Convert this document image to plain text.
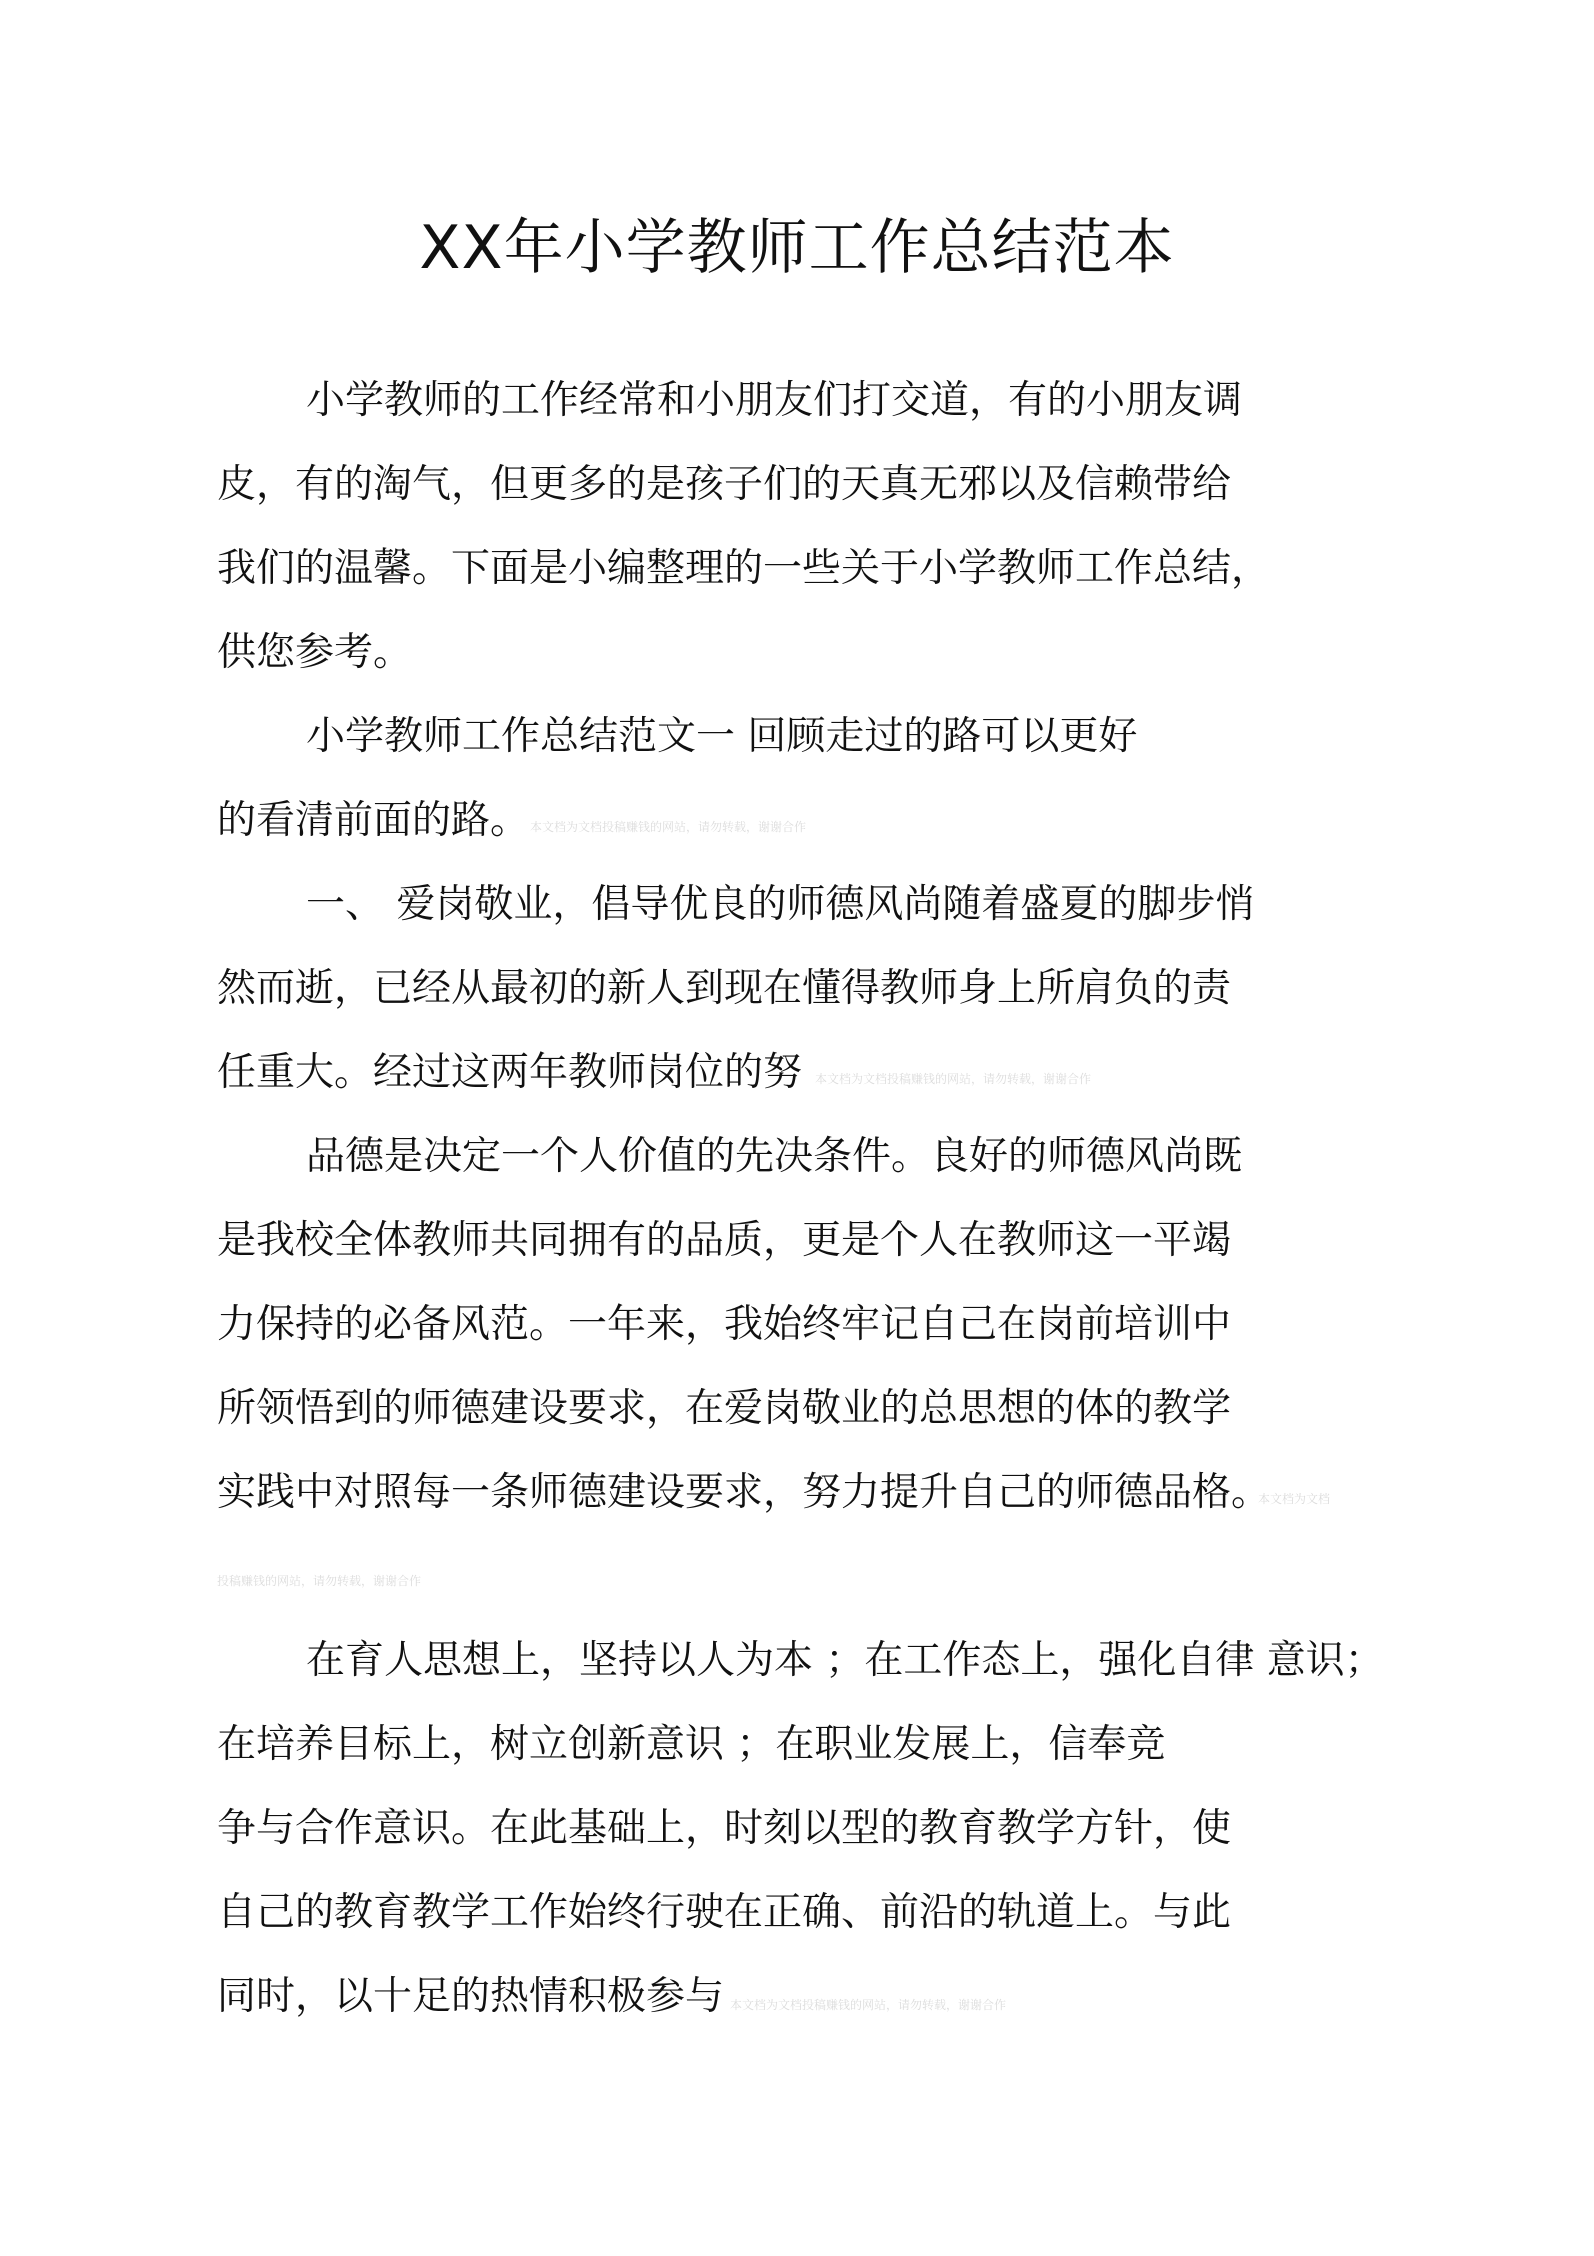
XX年小学教师工作总结范本
小学教师的工作经常和小朋友们打交道，有的小朋友调
皮，有的淘气，但更多的是孩子们的天真无邪以及信赖带给
我们的温馨。下面是小编整理的一些关于小学教师工作总结，
供您参考。
小学教师工作总结范文一 回顾走过的路可以更好
的看清前面的路。 本文档为文档投稿赚钱的网站，请勿转载，谢谢合作
一、 爱岗敬业，倡导优良的师德风尚随着盛夏的脚步悄
然而逝，已经从最初的新人到现在懂得教师身上所肩负的责
任重大。经过这两年教师岗位的努 本文档为文档投稿赚钱的网站，请勿转载，谢谢合作
品德是决定一个人价值的先决条件。良好的师德风尚既
是我校全体教师共同拥有的品质，更是个人在教师这一平竭
力保持的必备风范。一年来，我始终牢记自己在岗前培训中
所领悟到的师德建设要求，在爱岗敬业的总思想的体的教学
实践中对照每一条师德建设要求，努力提升自己的师德品格。
本文档为文档
投稿赚钱的网站，请勿转载，谢谢合作
在育人思想上，坚持以人为本 ；在工作态上，强化自律 意识；
在培养目标上，树立创新意识 ；在职业发展上，信奉竞
争与合作意识。在此基础上，时刻以型的教育教学方针，使
自己的教育教学工作始终行驶在正确、前沿的轨道上。与此
同时，以十足的热情积极参与 本文档为文档投稿赚钱的网站，请勿转载，谢谢合作
